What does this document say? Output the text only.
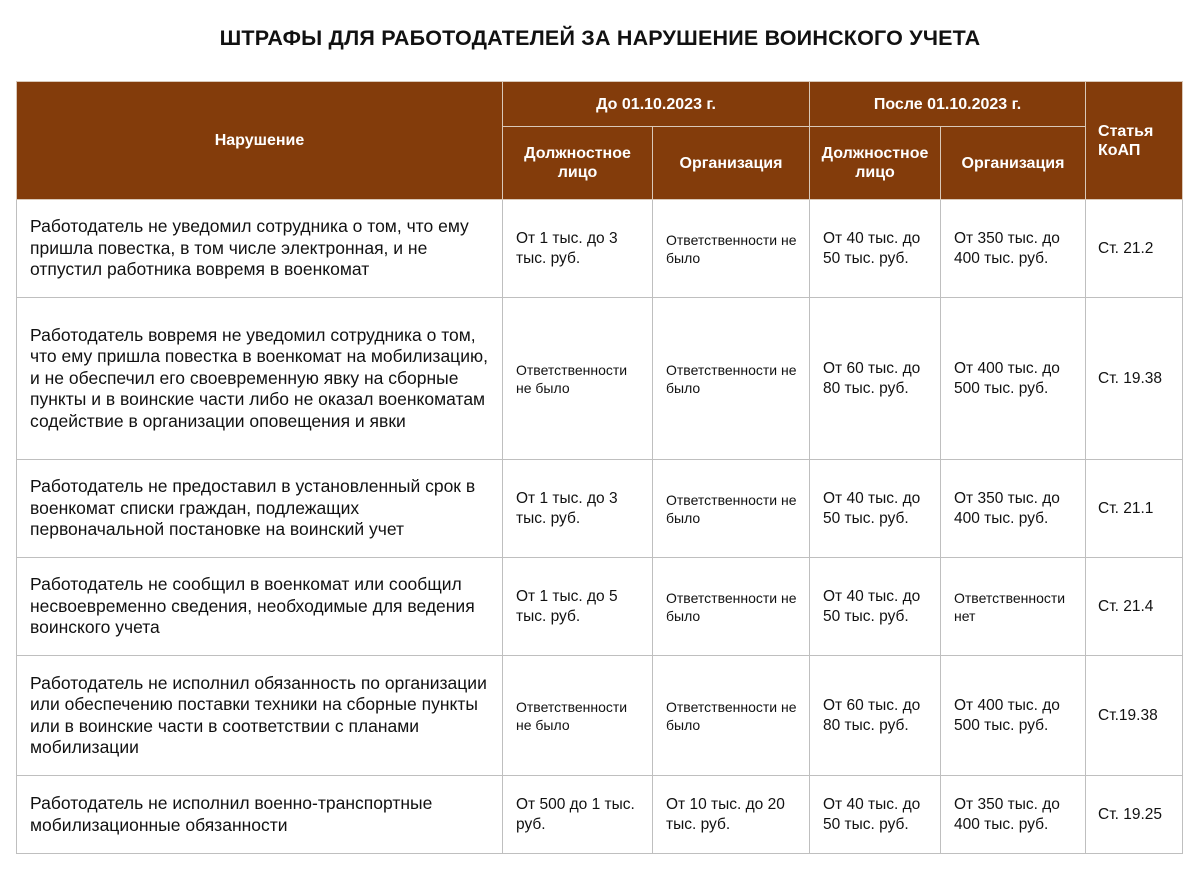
ШТРАФЫ ДЛЯ РАБОТОДАТЕЛЕЙ ЗА НАРУШЕНИЕ ВОИНСКОГО УЧЕТА
Нарушение	До 01.10.2023 г.		После 01.10.2023 г.		Статья КоАП
	Должностное лицо	Организация	Должностное лицо	Организация	
Работодатель не уведомил сотрудника о том, что ему пришла повестка, в том числе электронная, и не отпустил работника вовремя в военкомат	От 1 тыс. до 3 тыс. руб.	Ответственности не было	От 40 тыс. до 50 тыс. руб.	От 350 тыс. до 400 тыс. руб.	Ст. 21.2
Работодатель вовремя не уведомил сотрудника о том, что ему пришла повестка в военкомат на мобилизацию, и не обеспечил его своевременную явку на сборные пункты и в воинские части либо не оказал военкоматам содействие в организации оповещения и явки	Ответственности не было	Ответственности не было	От 60 тыс. до 80 тыс. руб.	От 400 тыс. до 500 тыс. руб.	Ст. 19.38
Работодатель не предоставил в установленный срок в военкомат списки граждан, подлежащих первоначальной постановке на воинский учет	От 1 тыс. до 3 тыс. руб.	Ответственности не было	От 40 тыс. до 50 тыс. руб.	От 350 тыс. до 400 тыс. руб.	Ст. 21.1
Работодатель не сообщил в военкомат или сообщил несвоевременно сведения, необходимые для ведения воинского учета	От 1 тыс. до 5 тыс. руб.	Ответственности не было	От 40 тыс. до 50 тыс. руб.	Ответственности нет	Ст. 21.4
Работодатель не исполнил обязанность по организации или обеспечению поставки техники на сборные пункты или в воинские части в соответствии с планами мобилизации	Ответственности не было	Ответственности не было	От 60 тыс. до 80 тыс. руб.	От 400 тыс. до 500 тыс. руб.	Ст.19.38
Работодатель не исполнил военно-транспортные мобилизационные обязанности	От 500 до 1 тыс. руб.	От 10 тыс. до 20 тыс. руб.	От 40 тыс. до 50 тыс. руб.	От 350 тыс. до 400 тыс. руб.	Ст. 19.25
